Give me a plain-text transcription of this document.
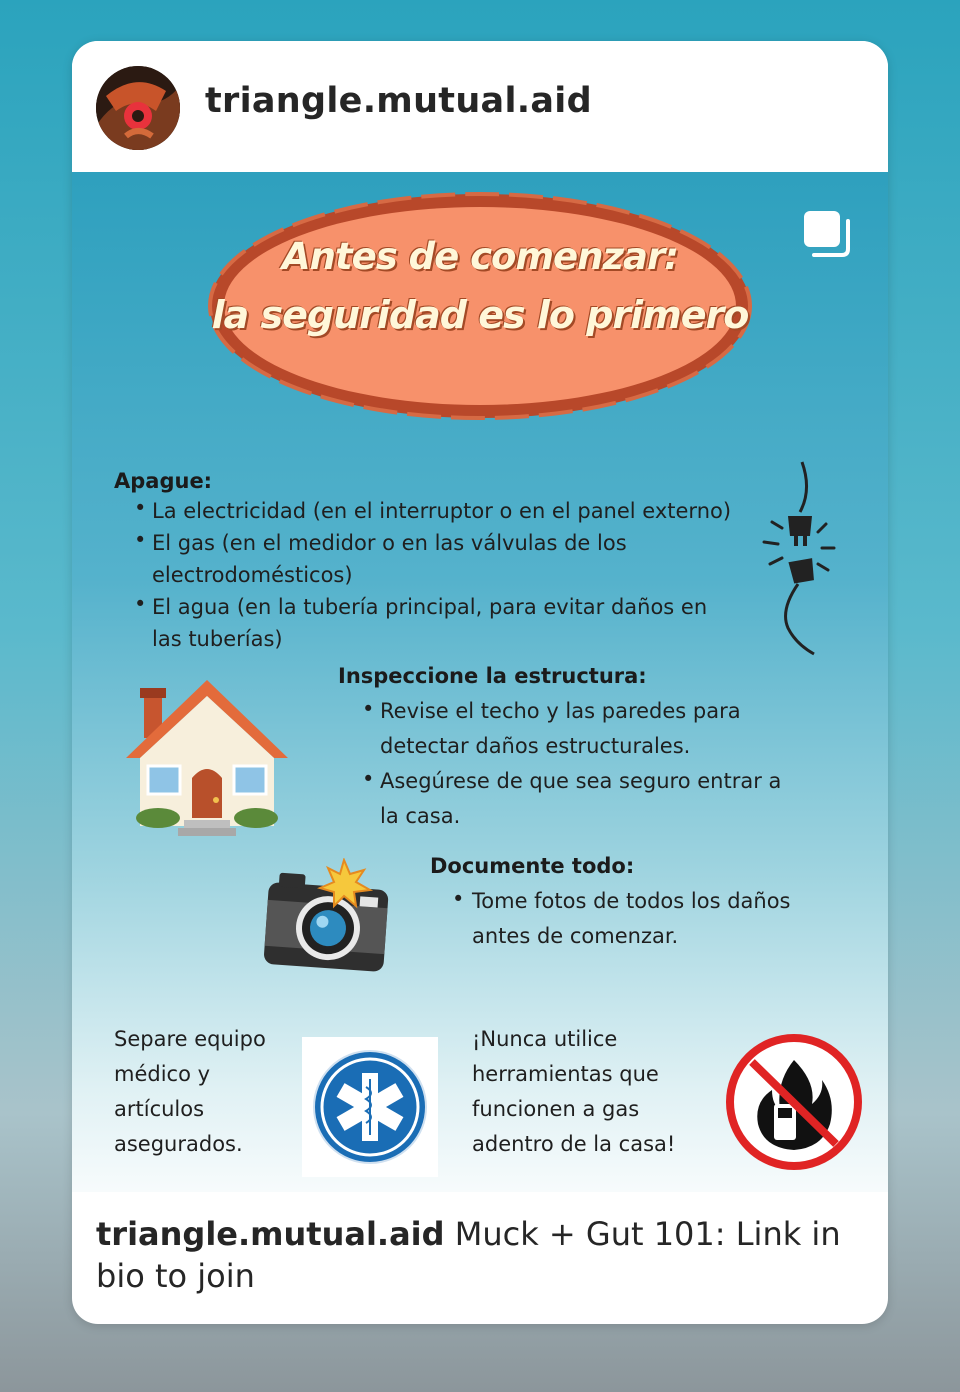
triangle.mutual.aid
Antes de comenzar:
la seguridad es lo primero
Apague:
• La electricidad (en el interruptor o en el panel externo)
• El gas (en el medidor o en las válvulas de los
electrodomésticos)
• El agua (en la tubería principal, para evitar daños en
las tuberías)
Inspeccione la estructura:
• Revise el techo y las paredes para
detectar daños estructurales.
• Asegúrese de que sea seguro entrar a
la casa.
Documente todo:
• Tome fotos de todos los daños
antes de comenzar.
Separe equipo
médico y
artículos
asegurados.
¡Nunca utilice
herramientas que
funcionen a gas
adentro de la casa!
triangle.mutual.aid Muck + Gut 101: Link in bio to join
